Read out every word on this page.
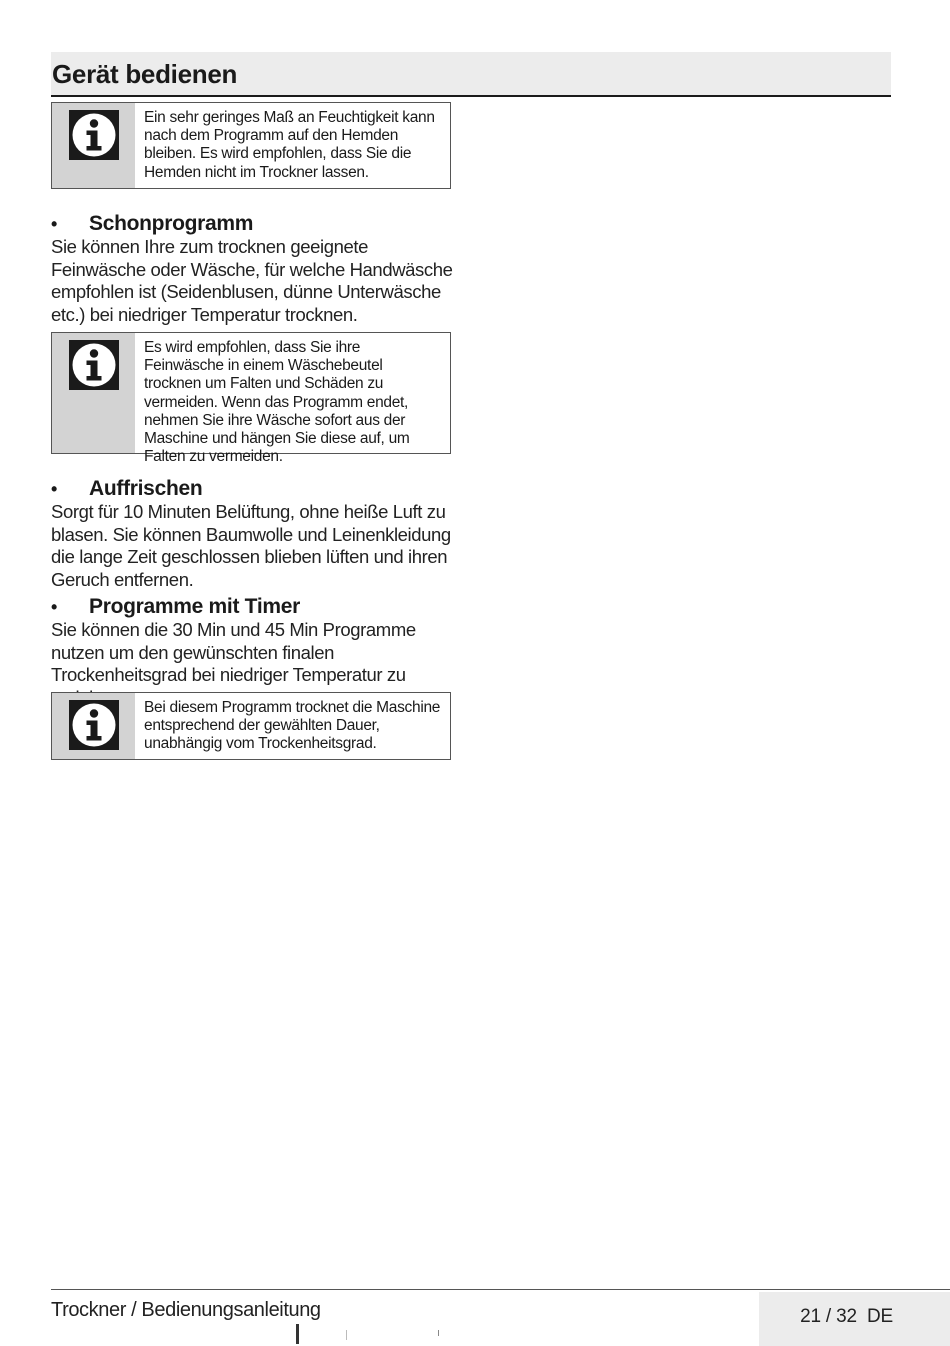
Gerät bedienen
Ein sehr geringes Maß an Feuchtigkeit kann nach dem Programm auf den Hemden bleiben. Es wird empfohlen, dass Sie die Hemden nicht im Trockner lassen.
• Schonprogramm

Sie können Ihre zum trocknen geeignete Feinwäsche oder Wäsche, für welche Handwäsche empfohlen ist (Seidenblusen, dünne Unterwäsche etc.) bei niedriger Temperatur trocknen.

Es wird empfohlen, dass Sie ihre Feinwäsche in einem Wäschebeutel trocknen um Falten und Schäden zu vermeiden. Wenn das Programm endet, nehmen Sie ihre Wäsche sofort aus der Maschine und hängen Sie diese auf, um Falten zu vermeiden.
• Auffrischen

Sorgt für 10 Minuten Belüftung, ohne heiße Luft zu blasen. Sie können Baumwolle und Leinenkleidung die lange Zeit geschlossen blieben lüften und ihren Geruch entfernen.

• Programme mit Timer

Sie können die 30 Min und 45 Min Programme nutzen um den gewünschten finalen Trockenheitsgrad bei niedriger Temperatur zu

Bei diesem Programm trocknet die Maschine entsprechend der gewählten Dauer, unabhängig vom Trockenheitsgrad.
Trockner / Bedienungsanleitung	21 / 32 DE
